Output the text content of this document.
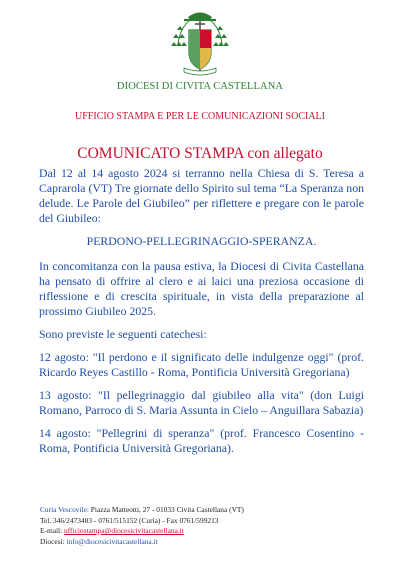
DIOCESI DI CIVITA CASTELLANA
UFFICIO STAMPA E PER LE COMUNICAZIONI SOCIALI
COMUNICATO STAMPA con allegato

Dal 12 al 14 agosto 2024 si terranno nella Chiesa di S. Teresa a Caprarola (VT) Tre giornate dello Spirito sul tema “La Speranza non delude. Le Parole del Giubileo” per riflettere e pregare con le parole del Giubileo:

PERDONO-PELLEGRINAGGIO-SPERANZA.

In concomitanza con la pausa estiva, la Diocesi di Civita Castellana ha pensato di offrire al clero e ai laici una preziosa occasione di riflessione e di crescita spirituale, in vista della preparazione al prossimo Giubileo 2025.

Sono previste le seguenti catechesi:

12 agosto: "Il perdono e il significato delle indulgenze oggi" (prof. Ricardo Reyes Castillo - Roma, Pontificia Università Gregoriana)

13 agosto: "Il pellegrinaggio dal giubileo alla vita" (don Luigi Romano, Parroco di S. Maria Assunta in Cielo – Anguillara Sabazia)

14 agosto: "Pellegrini di speranza" (prof. Francesco Cosentino - Roma, Pontificia Università Gregoriana).

Curia Vescovile: Piazza Matteotti, 27 - 01033 Civita Castellana (VT)
Tel. 346/2473483 - 0761/515152 (Curia) - Fax 0761/599213
E-mail: ufficiostampa@diocesicivitacastellana.it
Diocesi: info@diocesicivitacastellana.it
